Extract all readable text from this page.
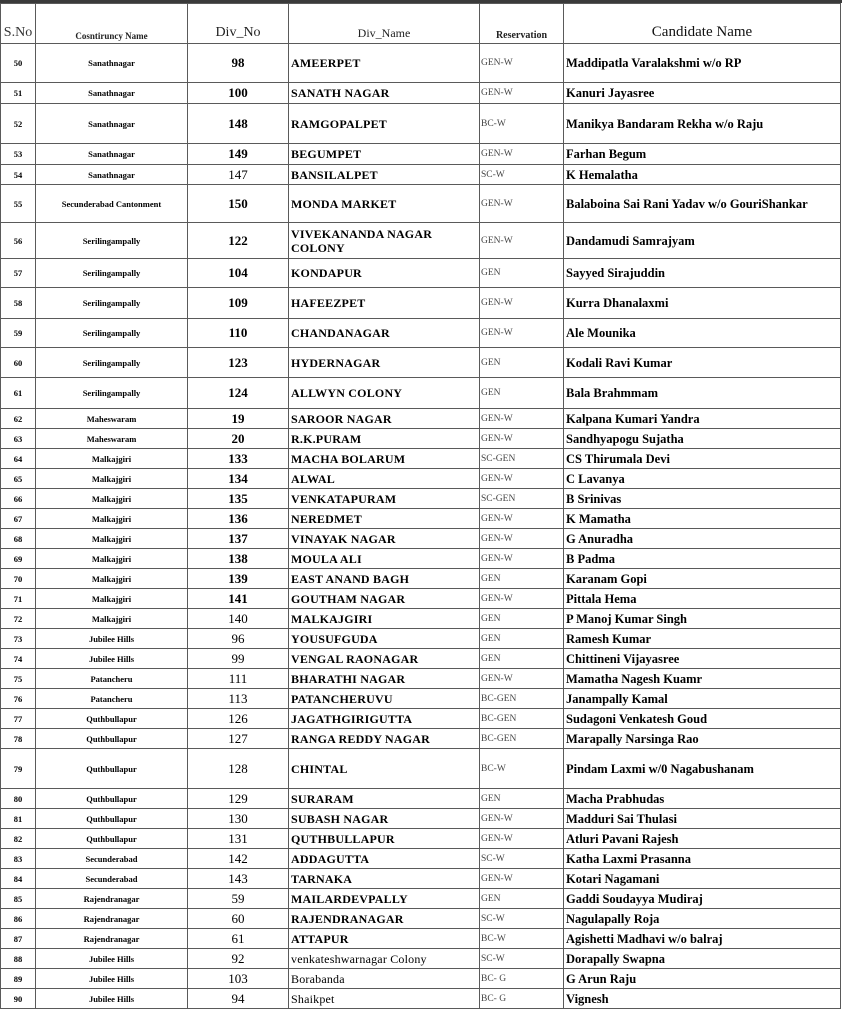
S.No	Cosntiruncy Name	Div_No	Div_Name	Reservation	Candidate Name
50	Sanathnagar	98	AMEERPET	GEN-W	Maddipatla Varalakshmi w/o RP
51	Sanathnagar	100	SANATH NAGAR	GEN-W	Kanuri Jayasree
52	Sanathnagar	148	RAMGOPALPET	BC-W	Manikya Bandaram Rekha w/o Raju
53	Sanathnagar	149	BEGUMPET	GEN-W	Farhan Begum
54	Sanathnagar	147	BANSILALPET	SC-W	K Hemalatha
55	Secunderabad Cantonment	150	MONDA MARKET	GEN-W	Balaboina Sai Rani Yadav w/o GouriShankar
56	Serilingampally	122	VIVEKANANDA NAGAR COLONY	GEN-W	Dandamudi Samrajyam
57	Serilingampally	104	KONDAPUR	GEN	Sayyed Sirajuddin
58	Serilingampally	109	HAFEEZPET	GEN-W	Kurra Dhanalaxmi
59	Serilingampally	110	CHANDANAGAR	GEN-W	Ale Mounika
60	Serilingampally	123	HYDERNAGAR	GEN	Kodali Ravi Kumar
61	Serilingampally	124	ALLWYN COLONY	GEN	Bala Brahmmam
62	Maheswaram	19	SAROOR NAGAR	GEN-W	Kalpana Kumari Yandra
63	Maheswaram	20	R.K.PURAM	GEN-W	Sandhyapogu Sujatha
64	Malkajgiri	133	MACHA BOLARUM	SC-GEN	CS Thirumala Devi
65	Malkajgiri	134	ALWAL	GEN-W	C Lavanya
66	Malkajgiri	135	VENKATAPURAM	SC-GEN	B Srinivas
67	Malkajgiri	136	NEREDMET	GEN-W	K Mamatha
68	Malkajgiri	137	VINAYAK NAGAR	GEN-W	G Anuradha
69	Malkajgiri	138	MOULA ALI	GEN-W	B Padma
70	Malkajgiri	139	EAST ANAND BAGH	GEN	Karanam Gopi
71	Malkajgiri	141	GOUTHAM NAGAR	GEN-W	Pittala Hema
72	Malkajgiri	140	MALKAJGIRI	GEN	P Manoj Kumar Singh
73	Jubilee Hills	96	YOUSUFGUDA	GEN	Ramesh Kumar
74	Jubilee Hills	99	VENGAL RAONAGAR	GEN	Chittineni Vijayasree
75	Patancheru	111	BHARATHI NAGAR	GEN-W	Mamatha Nagesh Kuamr
76	Patancheru	113	PATANCHERUVU	BC-GEN	Janampally Kamal
77	Quthbullapur	126	JAGATHGIRIGUTTA	BC-GEN	Sudagoni Venkatesh Goud
78	Quthbullapur	127	RANGA REDDY NAGAR	BC-GEN	Marapally Narsinga Rao
79	Quthbullapur	128	CHINTAL	BC-W	Pindam Laxmi w/0 Nagabushanam
80	Quthbullapur	129	SURARAM	GEN	Macha Prabhudas
81	Quthbullapur	130	SUBASH NAGAR	GEN-W	Madduri Sai Thulasi
82	Quthbullapur	131	QUTHBULLAPUR	GEN-W	Atluri Pavani Rajesh
83	Secunderabad	142	ADDAGUTTA	SC-W	Katha Laxmi Prasanna
84	Secunderabad	143	TARNAKA	GEN-W	Kotari Nagamani
85	Rajendranagar	59	MAILARDEVPALLY	GEN	Gaddi Soudayya Mudiraj
86	Rajendranagar	60	RAJENDRANAGAR	SC-W	Nagulapally Roja
87	Rajendranagar	61	ATTAPUR	BC-W	Agishetti Madhavi w/o balraj
88	Jubilee Hills	92	venkateshwarnagar Colony	SC-W	Dorapally Swapna
89	Jubilee Hills	103	Borabanda	BC- G	G Arun Raju
90	Jubilee Hills	94	Shaikpet	BC- G	Vignesh
